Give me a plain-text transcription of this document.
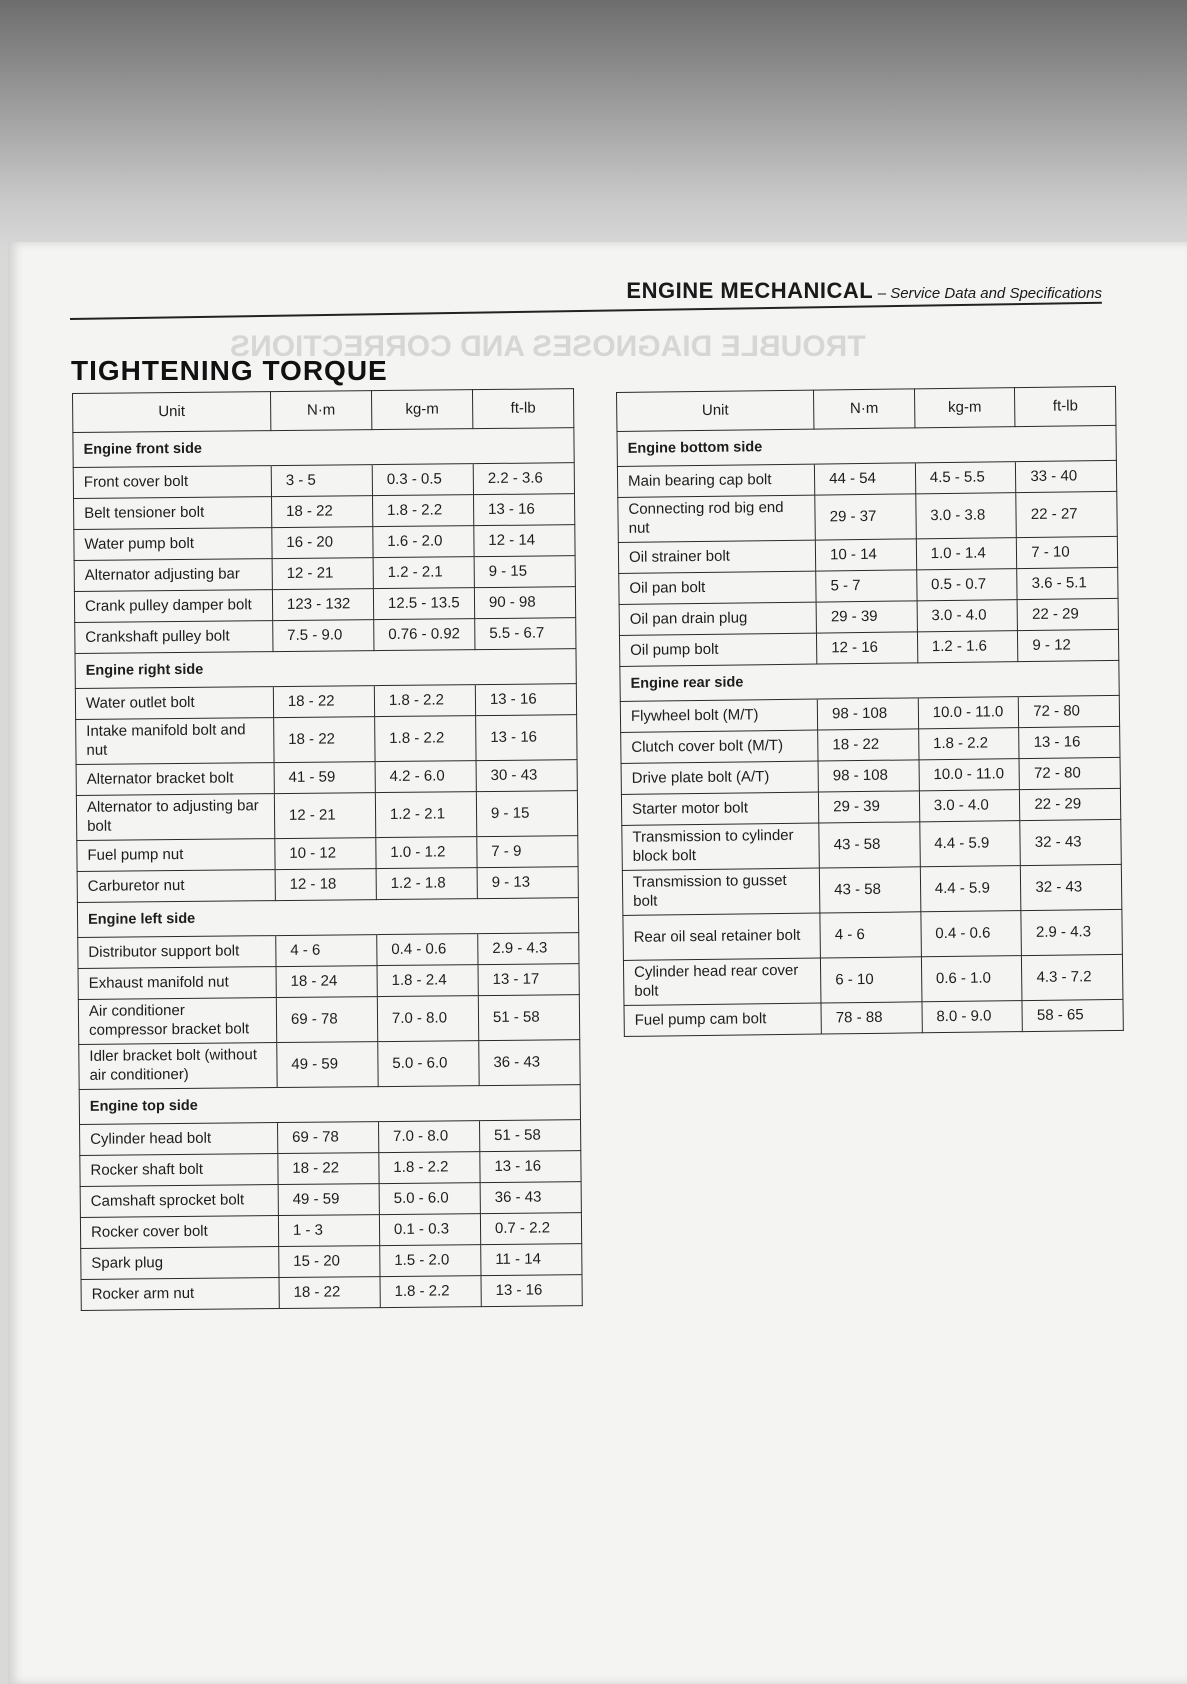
TROUBLE DIAGNOSES AND CORRECTIONS
ENGINE MECHANICAL – Service Data and Specifications
TIGHTENING TORQUE
Unit	N·m	kg-m	ft-lb
Engine front side			
Front cover bolt	3 - 5	0.3 - 0.5	2.2 - 3.6
Belt tensioner bolt	18 - 22	1.8 - 2.2	13 - 16
Water pump bolt	16 - 20	1.6 - 2.0	12 - 14
Alternator adjusting bar	12 - 21	1.2 - 2.1	9 - 15
Crank pulley damper bolt	123 - 132	12.5 - 13.5	90 - 98
Crankshaft pulley bolt	7.5 - 9.0	0.76 - 0.92	5.5 - 6.7
Engine right side			
Water outlet bolt	18 - 22	1.8 - 2.2	13 - 16
Intake manifold bolt and nut	18 - 22	1.8 - 2.2	13 - 16
Alternator bracket bolt	41 - 59	4.2 - 6.0	30 - 43
Alternator to adjusting bar bolt	12 - 21	1.2 - 2.1	9 - 15
Fuel pump nut	10 - 12	1.0 - 1.2	7 - 9
Carburetor nut	12 - 18	1.2 - 1.8	9 - 13
Engine left side			
Distributor support bolt	4 - 6	0.4 - 0.6	2.9 - 4.3
Exhaust manifold nut	18 - 24	1.8 - 2.4	13 - 17
Air conditioner compressor bracket bolt	69 - 78	7.0 - 8.0	51 - 58
Idler bracket bolt (without air conditioner)	49 - 59	5.0 - 6.0	36 - 43
Engine top side			
Cylinder head bolt	69 - 78	7.0 - 8.0	51 - 58
Rocker shaft bolt	18 - 22	1.8 - 2.2	13 - 16
Camshaft sprocket bolt	49 - 59	5.0 - 6.0	36 - 43
Rocker cover bolt	1 - 3	0.1 - 0.3	0.7 - 2.2
Spark plug	15 - 20	1.5 - 2.0	11 - 14
Rocker arm nut	18 - 22	1.8 - 2.2	13 - 16
Unit	N·m	kg-m	ft-lb
Engine bottom side			
Main bearing cap bolt	44 - 54	4.5 - 5.5	33 - 40
Connecting rod big end nut	29 - 37	3.0 - 3.8	22 - 27
Oil strainer bolt	10 - 14	1.0 - 1.4	7 - 10
Oil pan bolt	5 - 7	0.5 - 0.7	3.6 - 5.1
Oil pan drain plug	29 - 39	3.0 - 4.0	22 - 29
Oil pump bolt	12 - 16	1.2 - 1.6	9 - 12
Engine rear side			
Flywheel bolt (M/T)	98 - 108	10.0 - 11.0	72 - 80
Clutch cover bolt (M/T)	18 - 22	1.8 - 2.2	13 - 16
Drive plate bolt (A/T)	98 - 108	10.0 - 11.0	72 - 80
Starter motor bolt	29 - 39	3.0 - 4.0	22 - 29
Transmission to cylinder block bolt	43 - 58	4.4 - 5.9	32 - 43
Transmission to gusset bolt	43 - 58	4.4 - 5.9	32 - 43
Rear oil seal retainer bolt	4 - 6	0.4 - 0.6	2.9 - 4.3
Cylinder head rear cover bolt	6 - 10	0.6 - 1.0	4.3 - 7.2
Fuel pump cam bolt	78 - 88	8.0 - 9.0	58 - 65
